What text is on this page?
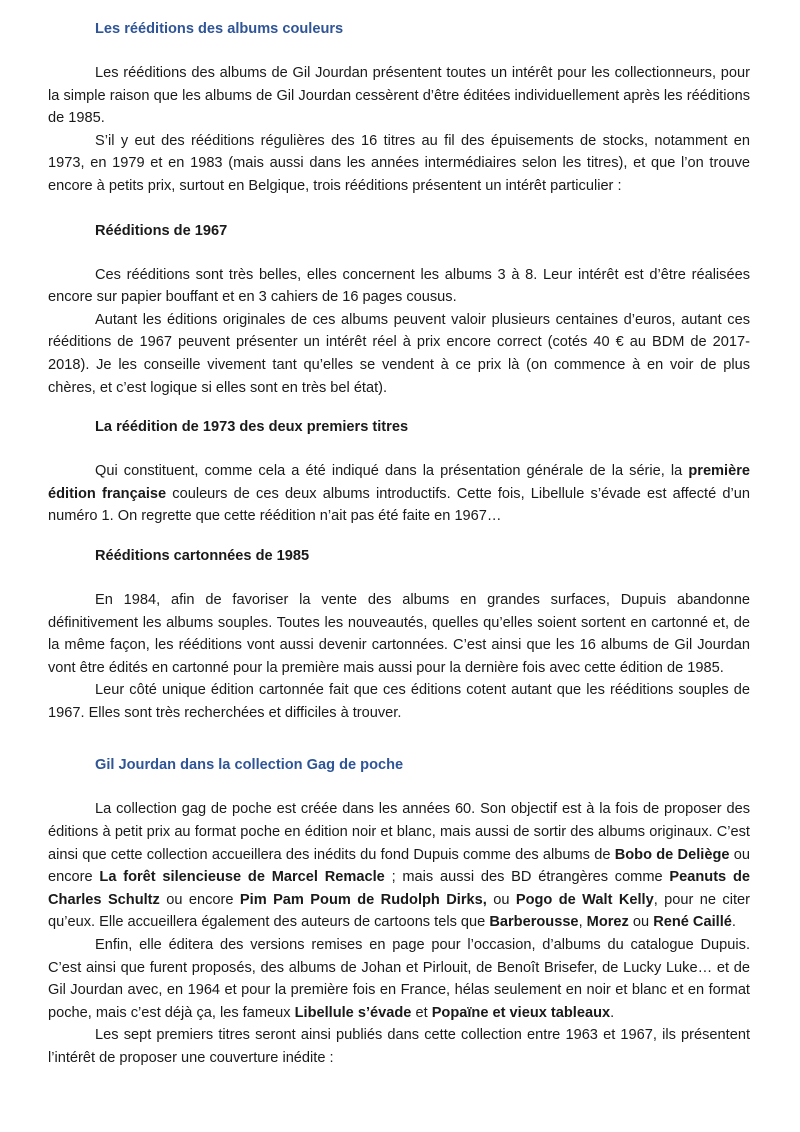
Les rééditions des albums couleurs

Les rééditions des albums de Gil Jourdan présentent toutes un intérêt pour les collectionneurs, pour la simple raison que les albums de Gil Jourdan cessèrent d’être éditées individuellement après les rééditions de 1985.

S’il y eut des rééditions régulières des 16 titres au fil des épuisements de stocks, notamment en 1973, en 1979 et en 1983 (mais aussi dans les années intermédiaires selon les titres), et que l’on trouve encore à petits prix, surtout en Belgique, trois rééditions présentent un intérêt particulier :

Rééditions de 1967

Ces rééditions sont très belles, elles concernent les albums 3 à 8. Leur intérêt est d’être réalisées encore sur papier bouffant et en 3 cahiers de 16 pages cousus.

Autant les éditions originales de ces albums peuvent valoir plusieurs centaines d’euros, autant ces rééditions de 1967 peuvent présenter un intérêt réel à prix encore correct (cotés 40 € au BDM de 2017-2018). Je les conseille vivement tant qu’elles se vendent à ce prix là (on commence à en voir de plus chères, et c’est logique si elles sont en très bel état).

La réédition de 1973 des deux premiers titres

Qui constituent, comme cela a été indiqué dans la présentation générale de la série, la première édition française couleurs de ces deux albums introductifs. Cette fois, Libellule s’évade est affecté d’un numéro 1. On regrette que cette réédition n’ait pas été faite en 1967…

Rééditions cartonnées de 1985

En 1984, afin de favoriser la vente des albums en grandes surfaces, Dupuis abandonne définitivement les albums souples. Toutes les nouveautés, quelles qu’elles soient sortent en cartonné et, de la même façon, les rééditions vont aussi devenir cartonnées. C’est ainsi que les 16 albums de Gil Jourdan vont être édités en cartonné pour la première mais aussi pour la dernière fois avec cette édition de 1985.

Leur côté unique édition cartonnée fait que ces éditions cotent autant que les rééditions souples de 1967. Elles sont très recherchées et difficiles à trouver.

Gil Jourdan dans la collection Gag de poche

La collection gag de poche est créée dans les années 60. Son objectif est à la fois de proposer des éditions à petit prix au format poche en édition noir et blanc, mais aussi de sortir des albums originaux. C’est ainsi que cette collection accueillera des inédits du fond Dupuis comme des albums de Bobo de Deliège ou encore La forêt silencieuse de Marcel Remacle ; mais aussi des BD étrangères comme Peanuts de Charles Schultz ou encore Pim Pam Poum de Rudolph Dirks, ou Pogo de Walt Kelly, pour ne citer qu’eux. Elle accueillera également des auteurs de cartoons tels que Barberousse, Morez ou René Caillé.

Enfin, elle éditera des versions remises en page pour l’occasion, d’albums du catalogue Dupuis. C’est ainsi que furent proposés, des albums de Johan et Pirlouit, de Benoît Brisefer, de Lucky Luke… et de Gil Jourdan avec, en 1964 et pour la première fois en France, hélas seulement en noir et blanc et en format poche, mais c’est déjà ça, les fameux Libellule s’évade et Popaïne et vieux tableaux.

Les sept premiers titres seront ainsi publiés dans cette collection entre 1963 et 1967, ils présentent l’intérêt de proposer une couverture inédite :
